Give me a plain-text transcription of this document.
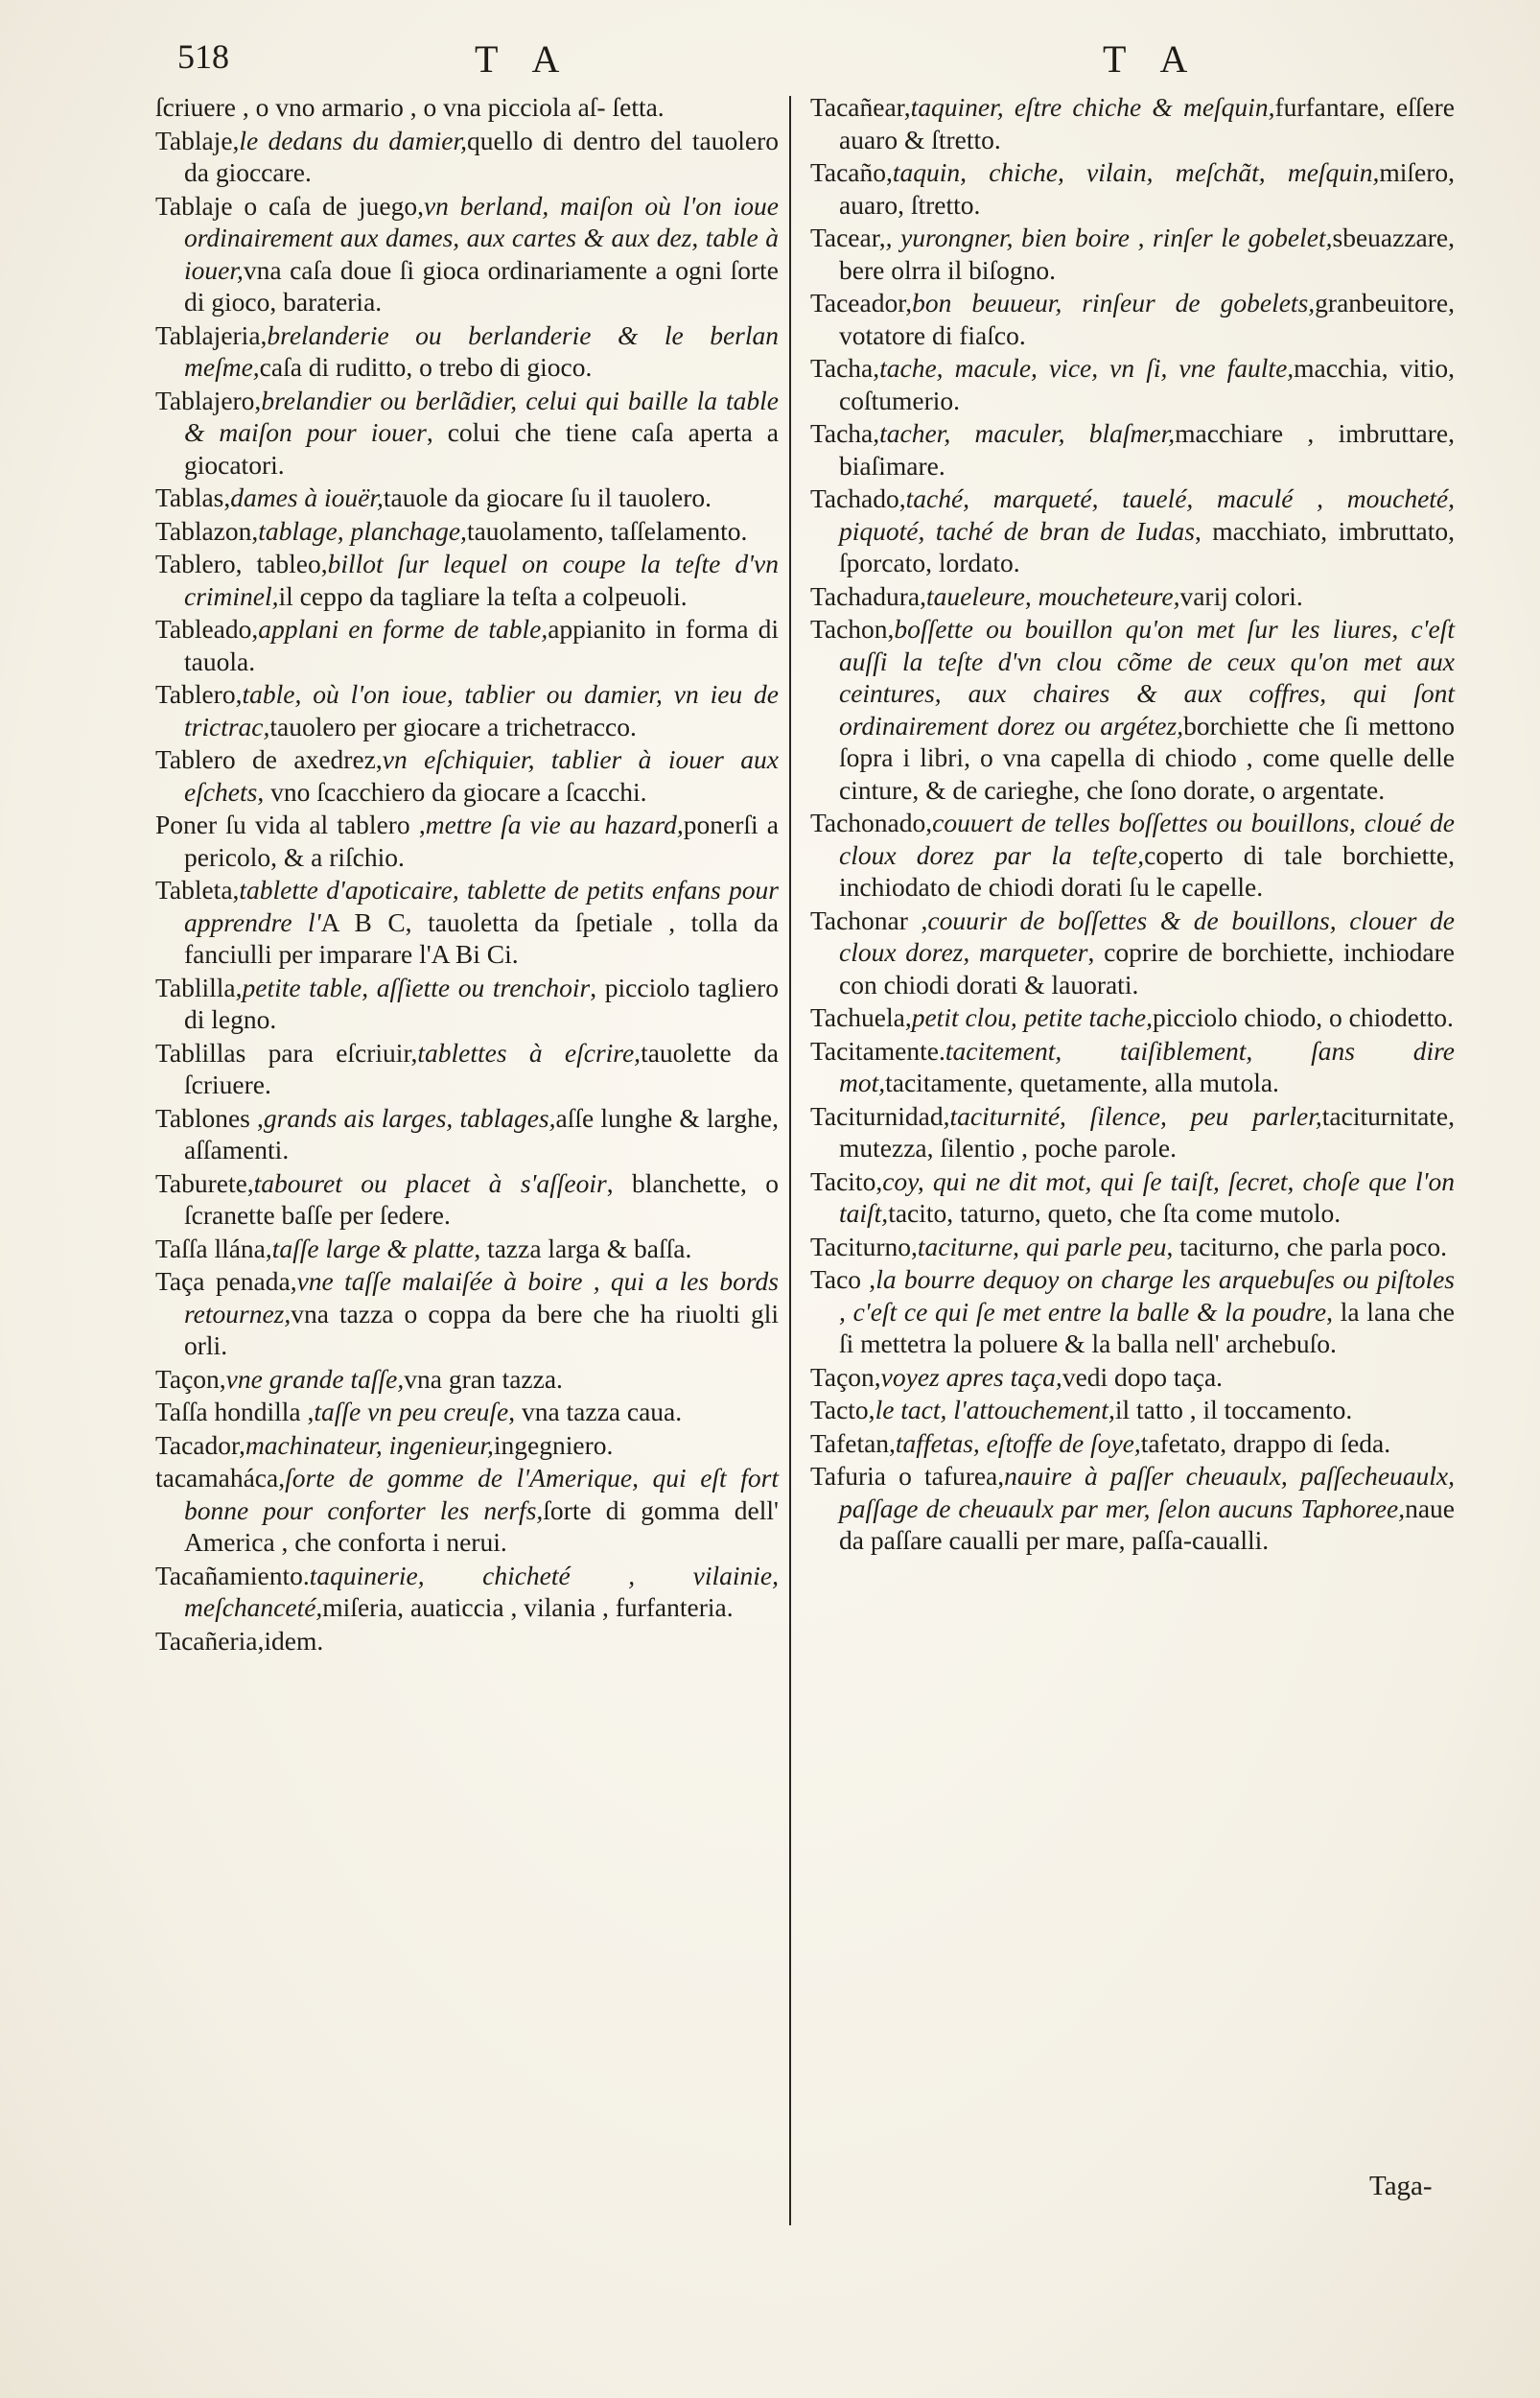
518	T A	T A

ſcriuere , o vno armario , o vna picciola aſ- ſetta.

Tablaje,le dedans du damier,quello di dentro del tauolero da gioccare.

Tablaje o caſa de juego,vn berland, maiſon où l'on ioue ordinairement aux dames, aux cartes & aux dez, table à iouer,vna caſa doue ſi gioca ordinariamente a ogni ſorte di gioco, barateria.

Tablajeria,brelanderie ou berlanderie & le berlan meſme,caſa di ruditto, o trebo di gioco.

Tablajero,brelandier ou berlãdier, celui qui baille la table & maiſon pour iouer, colui che tiene caſa aperta a giocatori.

Tablas,dames à iouër,tauole da giocare ſu il tauolero.

Tablazon,tablage, planchage,tauolamento, taſſelamento.

Tablero, tableo,billot ſur lequel on coupe la teſte d'vn criminel,il ceppo da tagliare la teſta a colpeuoli.

Tableado,applani en forme de table,appianito in forma di tauola.

Tablero,table, où l'on ioue, tablier ou damier, vn ieu de trictrac,tauolero per giocare a trichetracco.

Tablero de axedrez,vn eſchiquier, tablier à iouer aux eſchets, vno ſcacchiero da giocare a ſcacchi.

Poner ſu vida al tablero ,mettre ſa vie au hazard,ponerſi a pericolo, & a riſchio.

Tableta,tablette d'apoticaire, tablette de petits enfans pour apprendre l'A B C, tauoletta da ſpetiale , tolla da fanciulli per imparare l'A Bi Ci.

Tablilla,petite table, aſſiette ou trenchoir, picciolo tagliero di legno.

Tablillas para eſcriuir,tablettes à eſcrire,tauolette da ſcriuere.

Tablones ,grands ais larges, tablages,aſſe lunghe & larghe, aſſamenti.

Taburete,tabouret ou placet à s'aſſeoir, blanchette, o ſcranette baſſe per ſedere.

Taſſa llána,taſſe large & platte, tazza larga & baſſa.

Taça penada,vne taſſe malaiſée à boire , qui a les bords retournez,vna tazza o coppa da bere che ha riuolti gli orli.

Taçon,vne grande taſſe,vna gran tazza.

Taſſa hondilla ,taſſe vn peu creuſe, vna tazza caua.

Tacador,machinateur, ingenieur,ingegniero.

tacamaháca,ſorte de gomme de l'Amerique, qui eſt fort bonne pour conforter les nerfs,ſorte di gomma dell' America , che conforta i nerui.

Tacañamiento.taquinerie, chicheté , vilainie, meſchanceté,miſeria, auaticcia , vilania , furfanteria.

Tacañeria,idem.

Tacañear,taquiner, eſtre chiche & meſquin,furfantare, eſſere auaro & ſtretto.

Tacaño,taquin, chiche, vilain, meſchãt, meſquin,miſero, auaro, ſtretto.

Tacear,, yurongner, bien boire , rinſer le gobelet,sbeuazzare, bere olrra il biſogno.

Taceador,bon beuueur, rinſeur de gobelets,granbeuitore, votatore di fiaſco.

Tacha,tache, macule, vice, vn ſi, vne faulte,macchia, vitio, coſtumerio.

Tacha,tacher, maculer, blaſmer,macchiare , imbruttare, biaſimare.

Tachado,taché, marqueté, tauelé, maculé , moucheté, piquoté, taché de bran de Iudas, macchiato, imbruttato, ſporcato, lordato.

Tachadura,taueleure, moucheteure,varij colori.

Tachon,boſſette ou bouillon qu'on met ſur les liures, c'eſt auſſi la teſte d'vn clou cõme de ceux qu'on met aux ceintures, aux chaires & aux coffres, qui ſont ordinairement dorez ou argétez,borchiette che ſi mettono ſopra i libri, o vna capella di chiodo , come quelle delle cinture, & de carieghe, che ſono dorate, o argentate.

Tachonado,couuert de telles boſſettes ou bouillons, cloué de cloux dorez par la teſte,coperto di tale borchiette, inchiodato de chiodi dorati ſu le capelle.

Tachonar ,couurir de boſſettes & de bouillons, clouer de cloux dorez, marqueter, coprire de borchiette, inchiodare con chiodi dorati & lauorati.

Tachuela,petit clou, petite tache,picciolo chiodo, o chiodetto.

Tacitamente.tacitement, taiſiblement, ſans dire mot,tacitamente, quetamente, alla mutola.

Taciturnidad,taciturnité, ſilence, peu parler,taciturnitate, mutezza, ſilentio , poche parole.

Tacito,coy, qui ne dit mot, qui ſe taiſt, ſecret, choſe que l'on taiſt,tacito, taturno, queto, che ſta come mutolo.

Taciturno,taciturne, qui parle peu, taciturno, che parla poco.

Taco ,la bourre dequoy on charge les arquebuſes ou piſtoles , c'eſt ce qui ſe met entre la balle & la poudre, la lana che ſi mettetra la poluere & la balla nell' archebuſo.

Taçon,voyez apres taça,vedi dopo taça.

Tacto,le tact, l'attouchement,il tatto , il toccamento.

Tafetan,taffetas, eſtoffe de ſoye,tafetato, drappo di ſeda.

Tafuria o tafurea,nauire à paſſer cheuaulx, paſſecheuaulx, paſſage de cheuaulx par mer, ſelon aucuns Taphoree,naue da paſſare caualli per mare, paſſa-caualli.

Taga-
